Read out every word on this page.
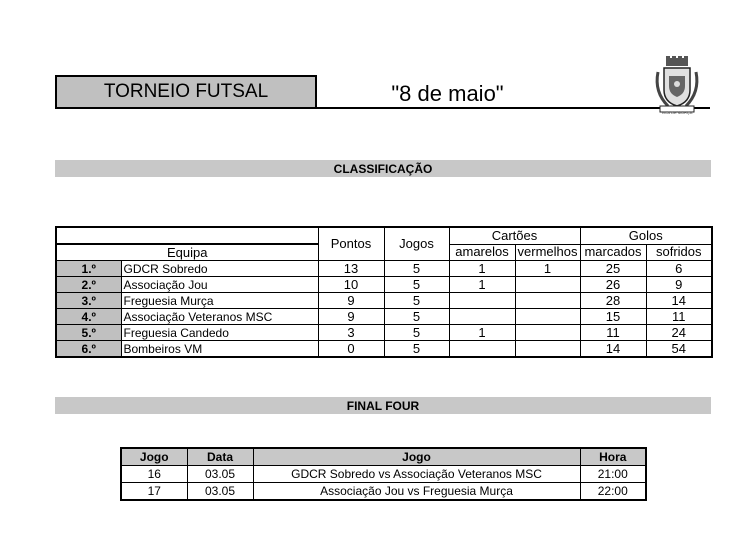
TORNEIO FUTSAL	"8 de maio"
VILA DE MURÇA
CLASSIFICAÇÃO
		Pontos	Jogos	Cartões		Golos	
Equipa				amarelos	vermelhos	marcados	sofridos
1.º	GDCR Sobredo	13	5	1	1	25	6
2.º	Associação Jou	10	5	1		26	9
3.º	Freguesia Murça	9	5			28	14
4.º	Associação Veteranos MSC	9	5			15	11
5.º	Freguesia Candedo	3	5	1		11	24
6.º	Bombeiros VM	0	5			14	54
FINAL FOUR
Jogo	Data	Jogo	Hora
16	03.05	GDCR Sobredo vs Associação Veteranos MSC	21:00
17	03.05	Associação Jou vs Freguesia Murça	22:00
